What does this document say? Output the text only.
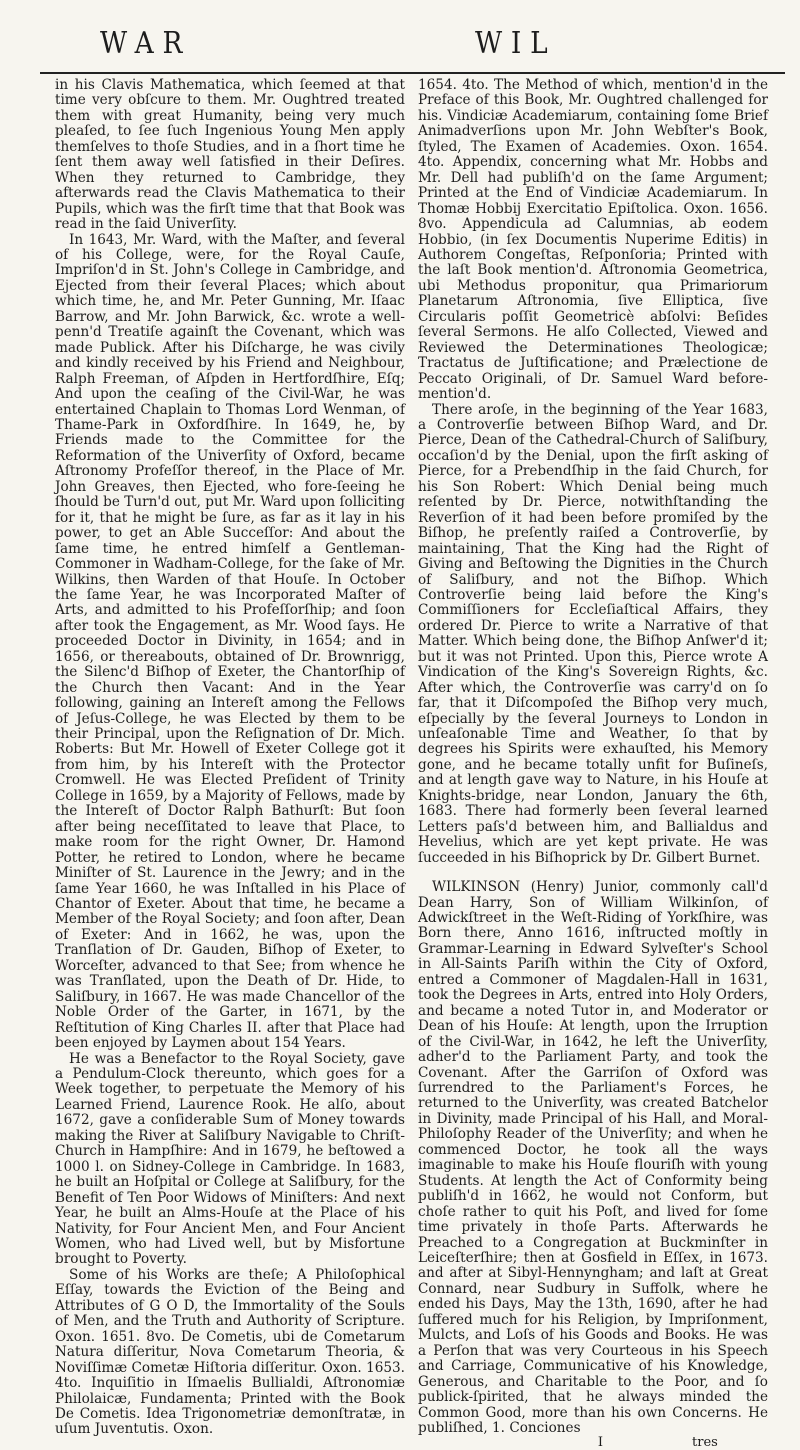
WAR	WIL

in his Clavis Mathematica, which ſeemed at that time very obſcure to them. Mr. Oughtred treated them with great Humanity, being very much pleaſed, to ſee ſuch Ingenious Young Men apply themſelves to thoſe Studies, and in a ſhort time he ſent them away well ſatisfied in their Deſires. When they returned to Cambridge, they afterwards read the Clavis Mathematica to their Pupils, which was the firſt time that that Book was read in the ſaid Univerſity.

In 1643, Mr. Ward, with the Maſter, and ſeveral of his College, were, for the Royal Cauſe, Impriſon'd in St. John's College in Cambridge, and Ejected from their ſeveral Places; which about which time, he, and Mr. Peter Gunning, Mr. Iſaac Barrow, and Mr. John Barwick, &c. wrote a well-penn'd Treatiſe againſt the Covenant, which was made Publick. After his Diſcharge, he was civily and kindly received by his Friend and Neighbour, Ralph Freeman, of Aſpden in Hertfordſhire, Eſq; And upon the ceaſing of the Civil-War, he was entertained Chaplain to Thomas Lord Wenman, of Thame-Park in Oxfordſhire. In 1649, he, by Friends made to the Committee for the Reformation of the Univerſity of Oxford, became Aſtronomy Profeſſor thereof, in the Place of Mr. John Greaves, then Ejected, who fore-ſeeing he ſhould be Turn'd out, put Mr. Ward upon ſolliciting for it, that he might be ſure, as far as it lay in his power, to get an Able Succeſſor: And about the ſame time, he entred himſelf a Gentleman-Commoner in Wadham-College, for the ſake of Mr. Wilkins, then Warden of that Houſe. In October the ſame Year, he was Incorporated Maſter of Arts, and admitted to his Profeſſorſhip; and ſoon after took the Engagement, as Mr. Wood ſays. He proceeded Doctor in Divinity, in 1654; and in 1656, or thereabouts, obtained of Dr. Brownrigg, the Silenc'd Biſhop of Exeter, the Chantorſhip of the Church then Vacant: And in the Year following, gaining an Intereſt among the Fellows of Jeſus-College, he was Elected by them to be their Principal, upon the Reſignation of Dr. Mich. Roberts: But Mr. Howell of Exeter College got it from him, by his Intereſt with the Protector Cromwell. He was Elected Preſident of Trinity College in 1659, by a Majority of Fellows, made by the Intereſt of Doctor Ralph Bathurſt: But ſoon after being neceſſitated to leave that Place, to make room for the right Owner, Dr. Hamond Potter, he retired to London, where he became Miniſter of St. Laurence in the Jewry; and in the ſame Year 1660, he was Inſtalled in his Place of Chantor of Exeter. About that time, he became a Member of the Royal Society; and ſoon after, Dean of Exeter: And in 1662, he was, upon the Tranſlation of Dr. Gauden, Biſhop of Exeter, to Worceſter, advanced to that See; from whence he was Tranſlated, upon the Death of Dr. Hide, to Saliſbury, in 1667. He was made Chancellor of the Noble Order of the Garter, in 1671, by the Reſtitution of King Charles II. after that Place had been enjoyed by Laymen about 154 Years.

He was a Benefactor to the Royal Society, gave a Pendulum-Clock thereunto, which goes for a Week together, to perpetuate the Memory of his Learned Friend, Laurence Rook. He alſo, about 1672, gave a conſiderable Sum of Money towards making the River at Saliſbury Navigable to Chriſt-Church in Hampſhire: And in 1679, he beſtowed a 1000 l. on Sidney-College in Cambridge. In 1683, he built an Hoſpital or College at Saliſbury, for the Benefit of Ten Poor Widows of Miniſters: And next Year, he built an Alms-Houſe at the Place of his Nativity, for Four Ancient Men, and Four Ancient Women, who had Lived well, but by Misfortune brought to Poverty.

Some of his Works are theſe; A Philoſophical Eſſay, towards the Eviction of the Being and Attributes of G O D, the Immortality of the Souls of Men, and the Truth and Authority of Scripture. Oxon. 1651. 8vo. De Cometis, ubi de Cometarum Natura diſſeritur, Nova Cometarum Theoria, & Noviſſimæ Cometæ Hiſtoria diſſeritur. Oxon. 1653. 4to. Inquiſitio in Iſmaelis Bullialdi, Aſtronomiæ Philolaicæ, Fundamenta; Printed with the Book De Cometis. Idea Trigonometriæ demonſtratæ, in uſum Juventutis. Oxon.

1654. 4to. The Method of which, mention'd in the Preface of this Book, Mr. Oughtred challenged for his. Vindiciæ Academiarum, containing ſome Brief Animadverſions upon Mr. John Webſter's Book, ſtyled, The Examen of Academies. Oxon. 1654. 4to. Appendix, concerning what Mr. Hobbs and Mr. Dell had publiſh'd on the ſame Argument; Printed at the End of Vindiciæ Academiarum. In Thomæ Hobbij Exercitatio Epiſtolica. Oxon. 1656. 8vo. Appendicula ad Calumnias, ab eodem Hobbio, (in ſex Documentis Nuperime Editis) in Authorem Congeſtas, Reſponſoria; Printed with the laſt Book mention'd. Aſtronomia Geometrica, ubi Methodus proponitur, qua Primariorum Planetarum Aſtronomia, ſive Elliptica, ſive Circularis poſſit Geometricè abſolvi: Beſides ſeveral Sermons. He alſo Collected, Viewed and Reviewed the Determinationes Theologicæ; Tractatus de Juſtificatione; and Prælectione de Peccato Originali, of Dr. Samuel Ward before-mention'd.

There aroſe, in the beginning of the Year 1683, a Controverſie between Biſhop Ward, and Dr. Pierce, Dean of the Cathedral-Church of Saliſbury, occaſion'd by the Denial, upon the firſt asking of Pierce, for a Prebendſhip in the ſaid Church, for his Son Robert: Which Denial being much reſented by Dr. Pierce, notwithſtanding the Reverſion of it had been before promiſed by the Biſhop, he preſently raiſed a Controverſie, by maintaining, That the King had the Right of Giving and Beſtowing the Dignities in the Church of Saliſbury, and not the Biſhop. Which Controverſie being laid before the King's Commiſſioners for Eccleſiaſtical Affairs, they ordered Dr. Pierce to write a Narrative of that Matter. Which being done, the Biſhop Anſwer'd it; but it was not Printed. Upon this, Pierce wrote A Vindication of the King's Sovereign Rights, &c. After which, the Controverſie was carry'd on ſo far, that it Diſcompoſed the Biſhop very much, eſpecially by the ſeveral Journeys to London in unſeaſonable Time and Weather, ſo that by degrees his Spirits were exhauſted, his Memory gone, and he became totally unfit for Buſineſs, and at length gave way to Nature, in his Houſe at Knights-bridge, near London, January the 6th, 1683. There had formerly been ſeveral learned Letters paſs'd between him, and Ballialdus and Hevelius, which are yet kept private. He was ſucceeded in his Biſhoprick by Dr. Gilbert Burnet.

WILKINSON (Henry) Junior, commonly call'd Dean Harry, Son of William Wilkinſon, of Adwickſtreet in the Weſt-Riding of Yorkſhire, was Born there, Anno 1616, inſtructed moſtly in Grammar-Learning in Edward Sylveſter's School in All-Saints Pariſh within the City of Oxford, entred a Commoner of Magdalen-Hall in 1631, took the Degrees in Arts, entred into Holy Orders, and became a noted Tutor in, and Moderator or Dean of his Houſe: At length, upon the Irruption of the Civil-War, in 1642, he left the Univerſity, adher'd to the Parliament Party, and took the Covenant. After the Garriſon of Oxford was ſurrendred to the Parliament's Forces, he returned to the Univerſity, was created Batchelor in Divinity, made Principal of his Hall, and Moral-Philoſophy Reader of the Univerſity; and when he commenced Doctor, he took all the ways imaginable to make his Houſe flouriſh with young Students. At length the Act of Conformity being publiſh'd in 1662, he would not Conform, but choſe rather to quit his Poſt, and lived for ſome time privately in thoſe Parts. Afterwards he Preached to a Congregation at Buckminſter in Leiceſterſhire; then at Gosfield in Eſſex, in 1673. and after at Sibyl-Hennyngham; and laſt at Great Connard, near Sudbury in Suffolk, where he ended his Days, May the 13th, 1690, after he had ſuffered much for his Religion, by Impriſonment, Mulcts, and Loſs of his Goods and Books. He was a Perſon that was very Courteous in his Speech and Carriage, Communicative of his Knowledge, Generous, and Charitable to the Poor, and ſo publick-ſpirited, that he always minded the Common Good, more than his own Concerns. He publiſhed, 1. Conciones

I	tres
